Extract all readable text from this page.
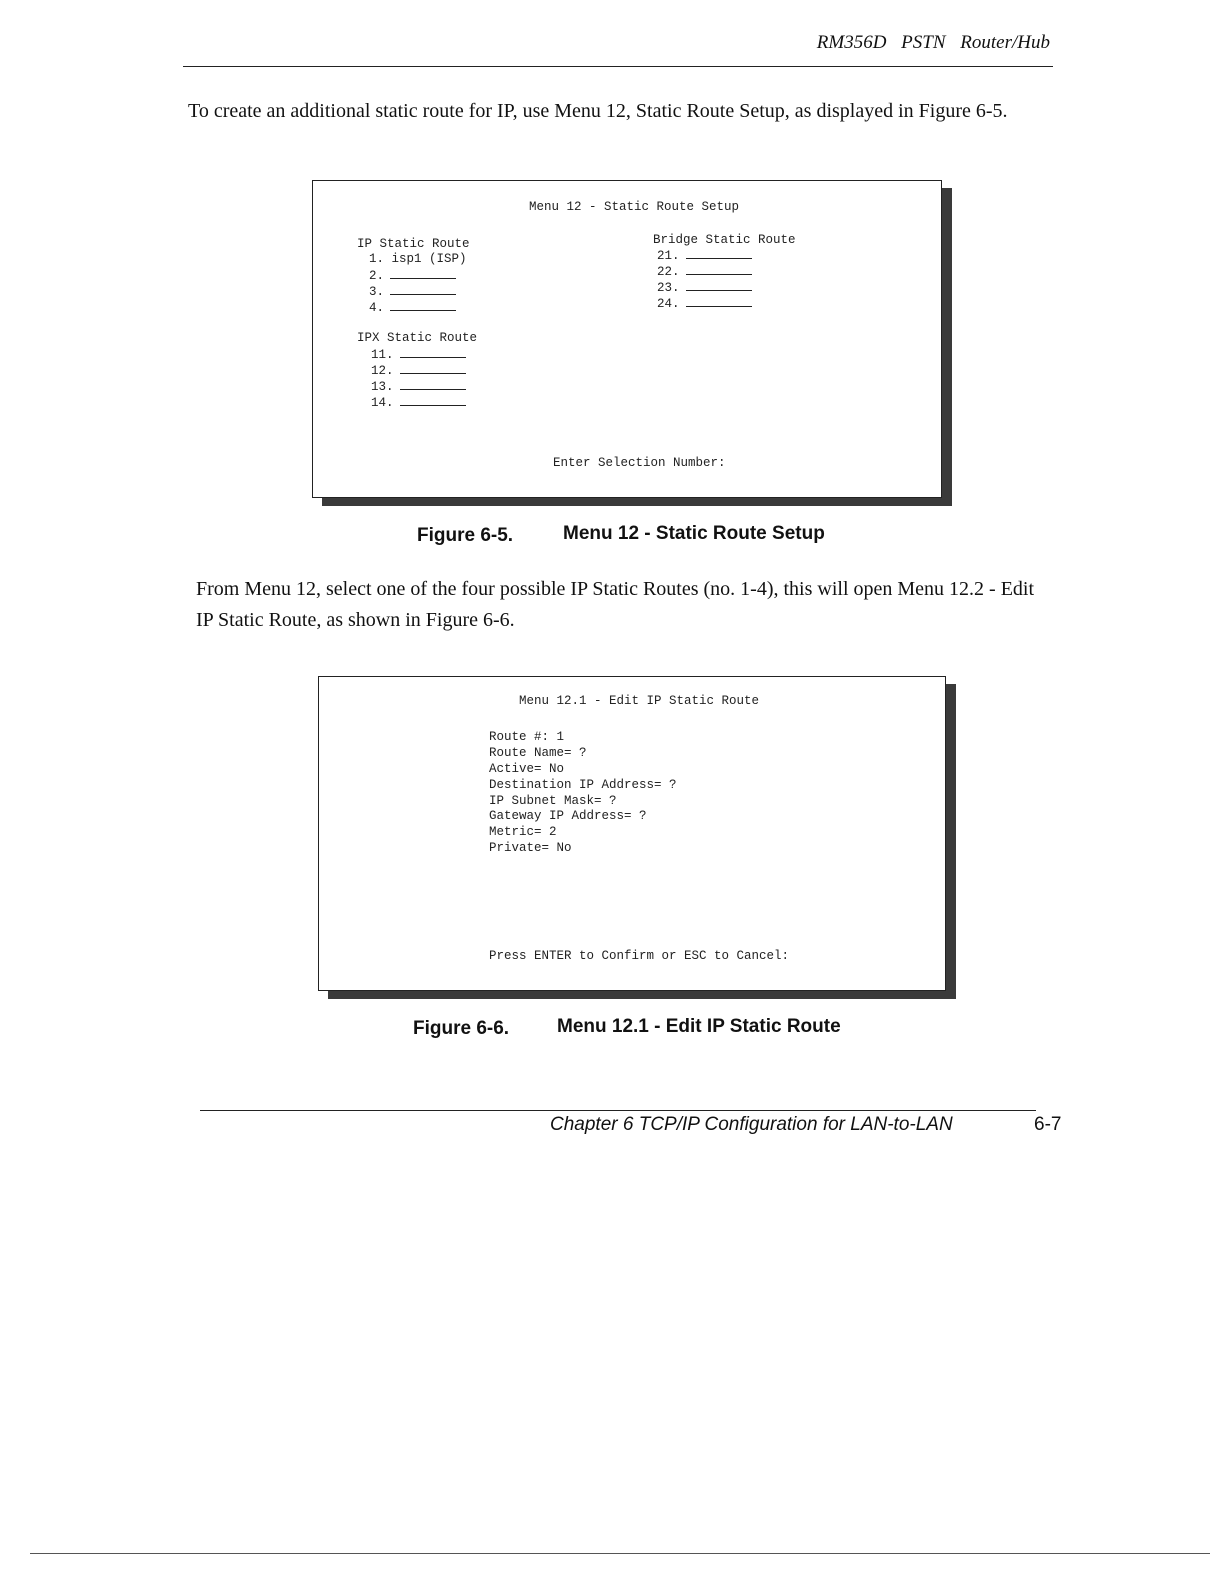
RM356D PSTN Router/Hub
To create an additional static route for IP, use Menu 12, Static Route Setup, as displayed in Figure 6-5.
Menu 12 - Static Route Setup
IP Static Route
1. isp1 (ISP)
2.
3.
4.
Bridge Static Route
21.
22.
23.
24.
IPX Static Route
11.
12.
13.
14.
Enter Selection Number:
Figure 6-5.	Menu 12 - Static Route Setup
From Menu 12, select one of the four possible IP Static Routes (no. 1-4), this will open Menu 12.2 - Edit IP Static Route, as shown in Figure 6-6.
Menu 12.1 - Edit IP Static Route
Route #: 1
Route Name= ?
Active= No
Destination IP Address= ?
IP Subnet Mask= ?
Gateway IP Address= ?
Metric= 2
Private= No
Press ENTER to Confirm or ESC to Cancel:
Figure 6-6.	Menu 12.1 - Edit IP Static Route
Chapter 6 TCP/IP Configuration for LAN-to-LAN	6-7
